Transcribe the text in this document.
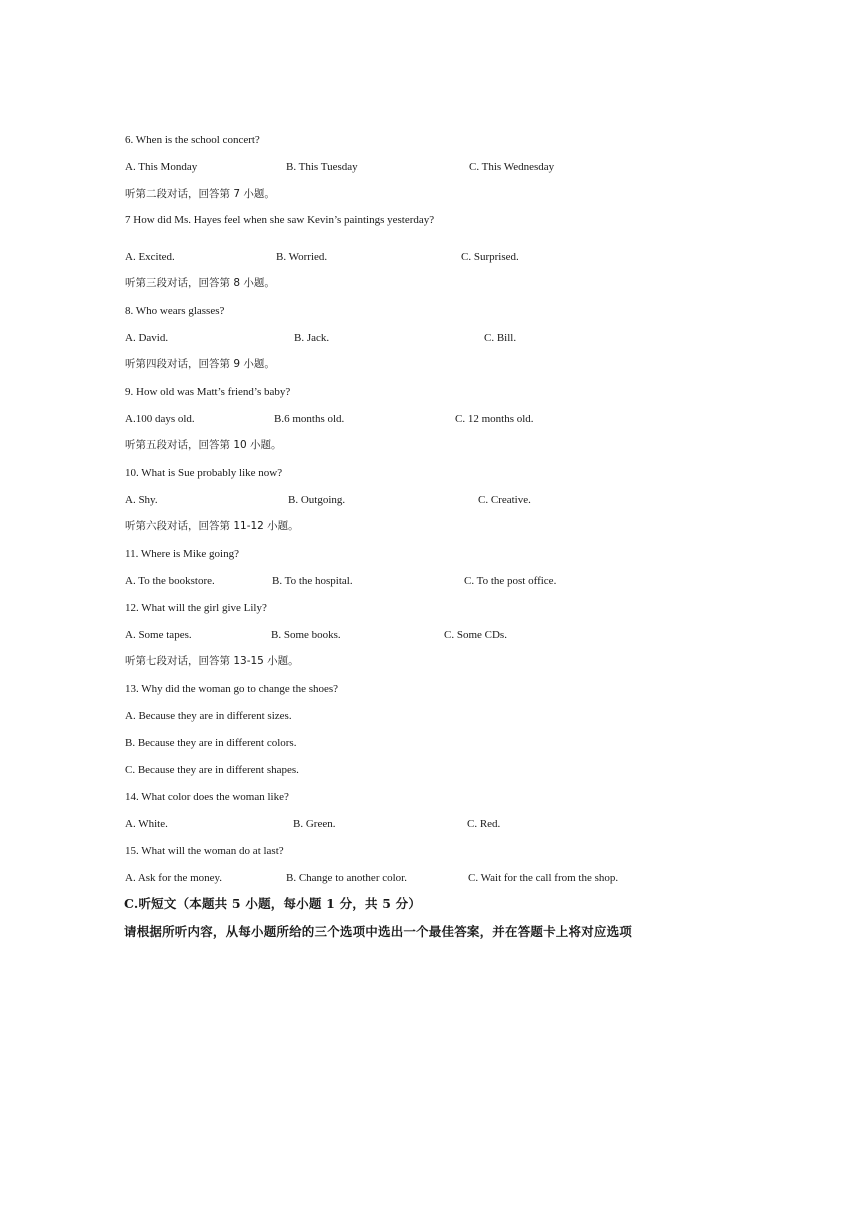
6. When is the school concert?
A. This Monday	B. This Tuesday	C. This Wednesday
听第二段对话，回答第 7 小题。
7 How did Ms. Hayes feel when she saw Kevin’s paintings yesterday?
A. Excited.	B. Worried.	C. Surprised.
听第三段对话，回答第 8 小题。
8. Who wears glasses?
A. David.	B. Jack.	C. Bill.
听第四段对话，回答第 9 小题。
9. How old was Matt’s friend’s baby?
A.100 days old.	B.6 months old.	C. 12 months old.
听第五段对话，回答第 10 小题。
10. What is Sue probably like now?
A. Shy.	B. Outgoing.	C. Creative.
听第六段对话，回答第 11-12 小题。
11. Where is Mike going?
A. To the bookstore.	B. To the hospital.	C. To the post office.
12. What will the girl give Lily?
A. Some tapes.	B. Some books.	C. Some CDs.
听第七段对话，回答第 13-15 小题。
13. Why did the woman go to change the shoes?
A. Because they are in different sizes.
B. Because they are in different colors.
C. Because they are in different shapes.
14. What color does the woman like?
A. White.	B. Green.	C. Red.
15. What will the woman do at last?
A. Ask for the money.	B. Change to another color.	C. Wait for the call from the shop.
C.听短文（本题共 5 小题，每小题 1 分，共 5 分）
请根据所听内容，从每小题所给的三个选项中选出一个最佳答案，并在答题卡上将对应选项
